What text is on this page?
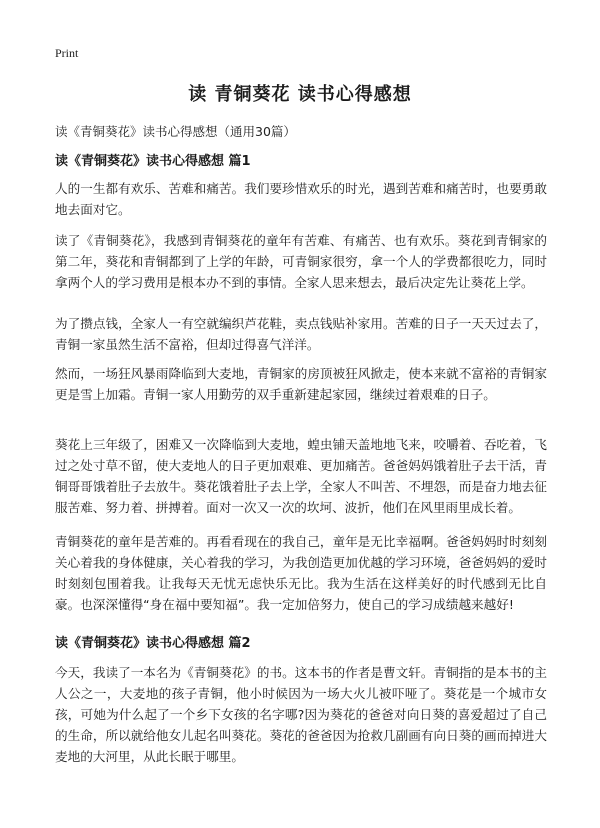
Print
读 青铜葵花 读书心得感想
读《青铜葵花》读书心得感想（通用30篇）
读《青铜葵花》读书心得感想 篇1

人的一生都有欢乐、苦难和痛苦。我们要珍惜欢乐的时光，遇到苦难和痛苦时，也要勇敢地去面对它。

读了《青铜葵花》，我感到青铜葵花的童年有苦难、有痛苦、也有欢乐。葵花到青铜家的第二年，葵花和青铜都到了上学的年龄，可青铜家很穷，拿一个人的学费都很吃力，同时拿两个人的学习费用是根本办不到的事情。全家人思来想去，最后决定先让葵花上学。

为了攒点钱，全家人一有空就编织芦花鞋，卖点钱贴补家用。苦难的日子一天天过去了，青铜一家虽然生活不富裕，但却过得喜气洋洋。

然而，一场狂风暴雨降临到大麦地，青铜家的房顶被狂风掀走，使本来就不富裕的青铜家更是雪上加霜。青铜一家人用勤劳的双手重新建起家园，继续过着艰难的日子。

葵花上三年级了，困难又一次降临到大麦地，蝗虫铺天盖地地飞来，咬嚼着、吞吃着，飞过之处寸草不留，使大麦地人的日子更加艰难、更加痛苦。爸爸妈妈饿着肚子去干活，青铜哥哥饿着肚子去放牛。葵花饿着肚子去上学，全家人不叫苦、不埋怨，而是奋力地去征服苦难、努力着、拼搏着。面对一次又一次的坎坷、波折，他们在风里雨里成长着。

青铜葵花的童年是苦难的。再看看现在的我自己，童年是无比幸福啊。爸爸妈妈时时刻刻关心着我的身体健康，关心着我的学习，为我创造更加优越的学习环境，爸爸妈妈的爱时时刻刻包围着我。让我每天无忧无虑快乐无比。我为生活在这样美好的时代感到无比自豪。也深深懂得“身在福中要知福”。我一定加倍努力，使自己的学习成绩越来越好!

读《青铜葵花》读书心得感想 篇2

今天，我读了一本名为《青铜葵花》的书。这本书的作者是曹文轩。青铜指的是本书的主人公之一，大麦地的孩子青铜，他小时候因为一场大火儿被吓哑了。葵花是一个城市女孩，可她为什么起了一个乡下女孩的名字哪?因为葵花的爸爸对向日葵的喜爱超过了自己的生命，所以就给他女儿起名叫葵花。葵花的爸爸因为抢救几副画有向日葵的画而掉进大麦地的大河里，从此长眠于哪里。
